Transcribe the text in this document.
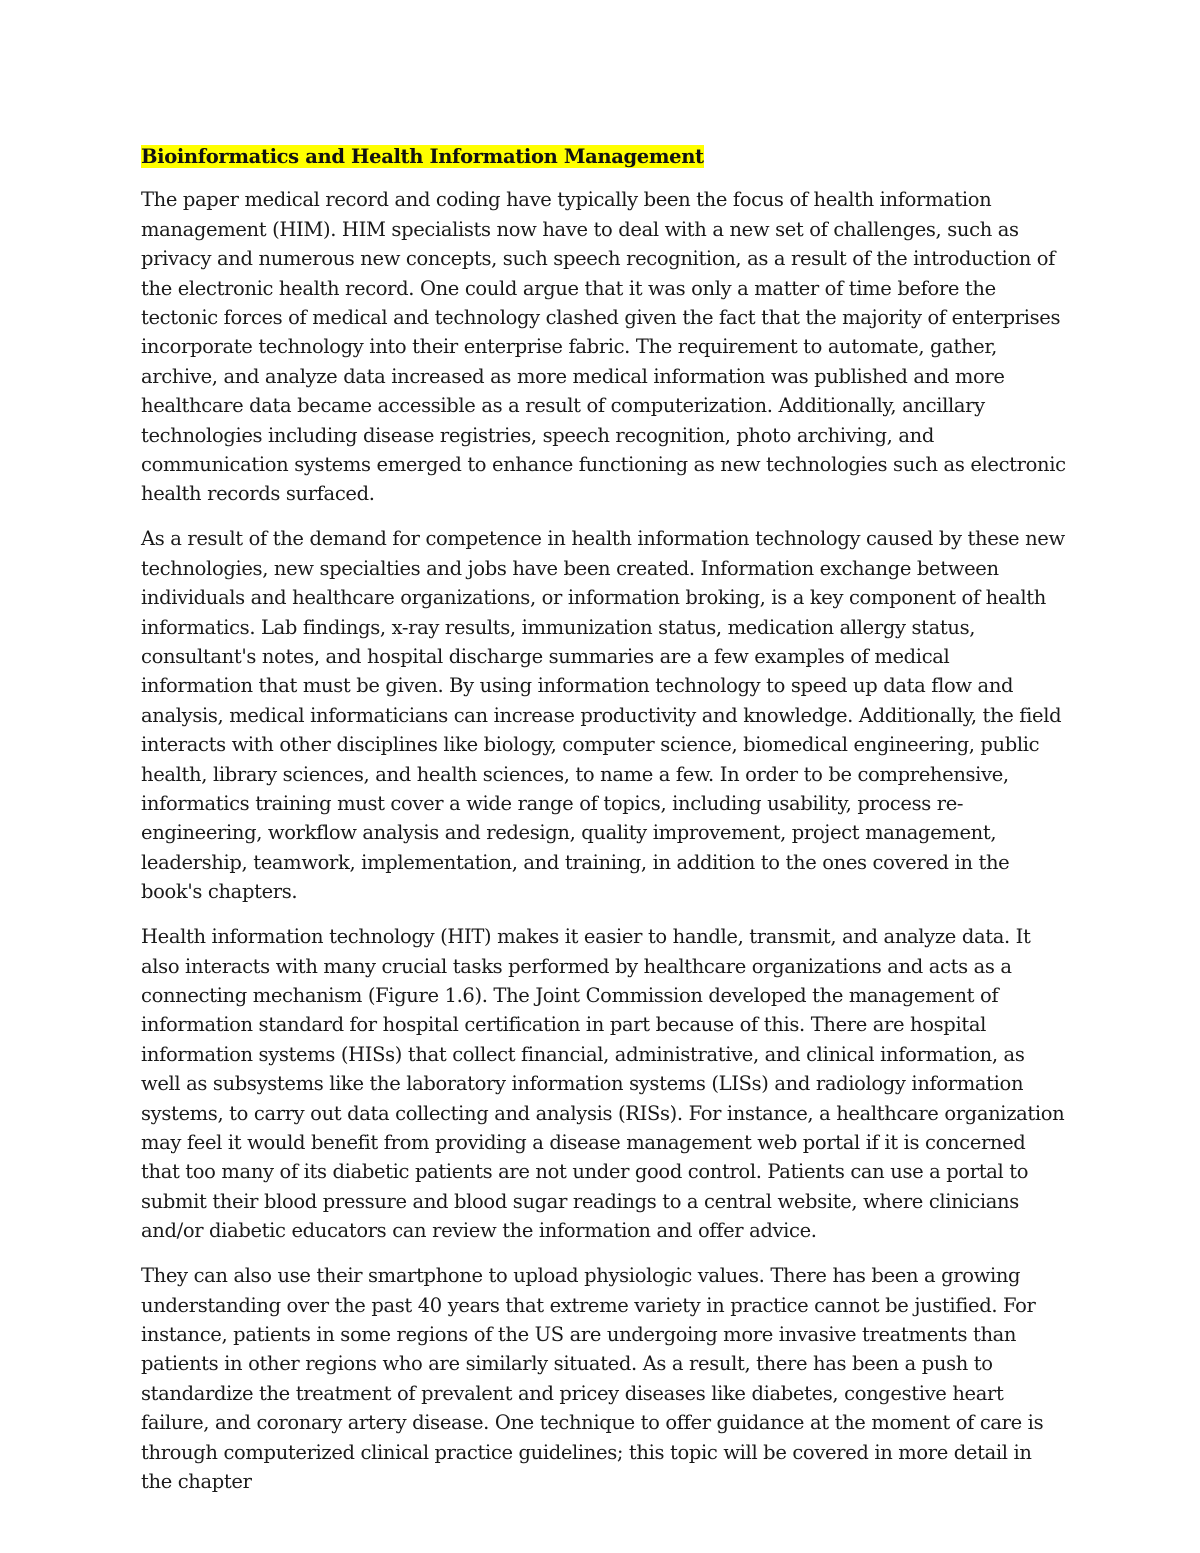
Bioinformatics and Health Information Management

The paper medical record and coding have typically been the focus of health information management (HIM). HIM specialists now have to deal with a new set of challenges, such as privacy and numerous new concepts, such speech recognition, as a result of the introduction of the electronic health record. One could argue that it was only a matter of time before the tectonic forces of medical and technology clashed given the fact that the majority of enterprises incorporate technology into their enterprise fabric. The requirement to automate, gather, archive, and analyze data increased as more medical information was published and more healthcare data became accessible as a result of computerization. Additionally, ancillary technologies including disease registries, speech recognition, photo archiving, and communication systems emerged to enhance functioning as new technologies such as electronic health records surfaced.

As a result of the demand for competence in health information technology caused by these new technologies, new specialties and jobs have been created. Information exchange between individuals and healthcare organizations, or information broking, is a key component of health informatics. Lab findings, x-ray results, immunization status, medication allergy status, consultant's notes, and hospital discharge summaries are a few examples of medical information that must be given. By using information technology to speed up data flow and analysis, medical informaticians can increase productivity and knowledge. Additionally, the field interacts with other disciplines like biology, computer science, biomedical engineering, public health, library sciences, and health sciences, to name a few. In order to be comprehensive, informatics training must cover a wide range of topics, including usability, process re-engineering, workflow analysis and redesign, quality improvement, project management, leadership, teamwork, implementation, and training, in addition to the ones covered in the book's chapters.

Health information technology (HIT) makes it easier to handle, transmit, and analyze data. It also interacts with many crucial tasks performed by healthcare organizations and acts as a connecting mechanism (Figure 1.6). The Joint Commission developed the management of information standard for hospital certification in part because of this. There are hospital information systems (HISs) that collect financial, administrative, and clinical information, as well as subsystems like the laboratory information systems (LISs) and radiology information systems, to carry out data collecting and analysis (RISs). For instance, a healthcare organization may feel it would benefit from providing a disease management web portal if it is concerned that too many of its diabetic patients are not under good control. Patients can use a portal to submit their blood pressure and blood sugar readings to a central website, where clinicians and/or diabetic educators can review the information and offer advice.

They can also use their smartphone to upload physiologic values. There has been a growing understanding over the past 40 years that extreme variety in practice cannot be justified. For instance, patients in some regions of the US are undergoing more invasive treatments than patients in other regions who are similarly situated. As a result, there has been a push to standardize the treatment of prevalent and pricey diseases like diabetes, congestive heart failure, and coronary artery disease. One technique to offer guidance at the moment of care is through computerized clinical practice guidelines; this topic will be covered in more detail in the chapter
